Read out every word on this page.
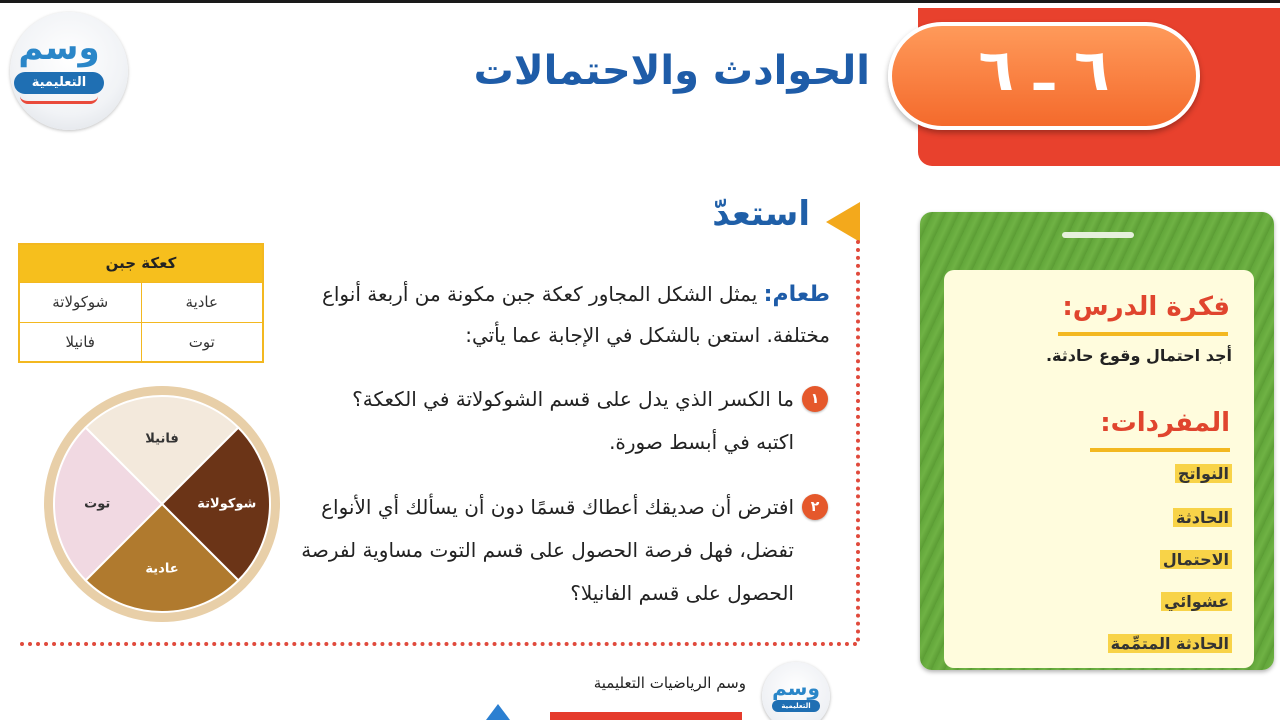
وسم
التعليمية	الحوادث والاحتمالات	٦ ـ ٦
استعدّ
طعام: يمثل الشكل المجاور كعكة جبن مكونة من أربعة أنواع مختلفة. استعن بالشكل في الإجابة عما يأتي:
١
ما الكسر الذي يدل على قسم الشوكولاتة في الكعكة؟ اكتبه في أبسط صورة.
٢
افترض أن صديقك أعطاك قسمًا دون أن يسألك أي الأنواع تفضل، فهل فرصة الحصول على قسم التوت مساوية لفرصة الحصول على قسم الفانيلا؟
كعكة جبن	
عادية	شوكولاتة
توت	فانيلا
فانيلا
شوكولاتة
عادية
توت
فكرة الدرس:
أجد احتمال وقوع حادثة.
المفردات:
النواتج
الحادثة
الاحتمال
عشوائي
الحادثة المتمِّمة
وسم الرياضيات التعليمية	وسم
التعليمية
